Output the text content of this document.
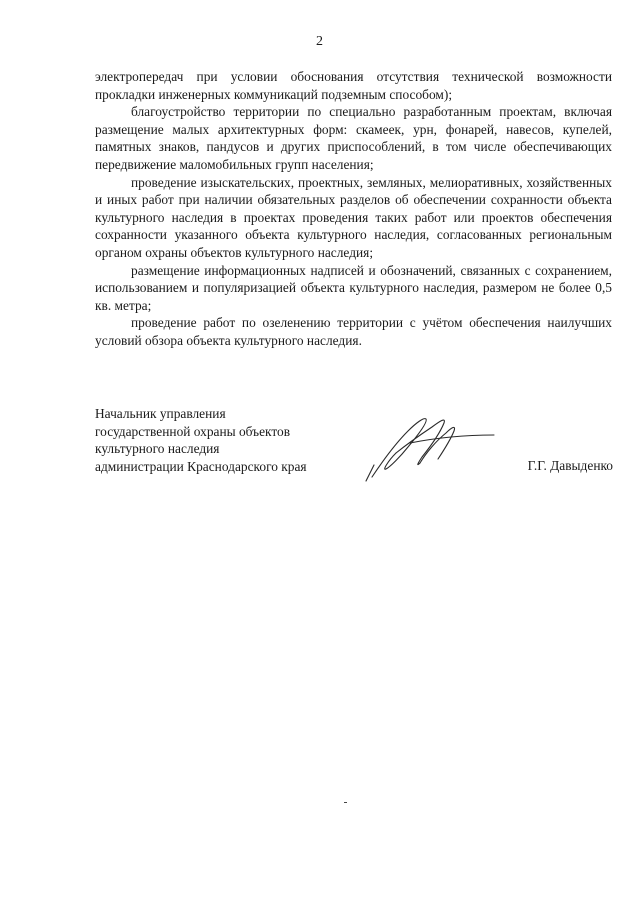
2

электропередач при условии обоснования отсутствия технической возможности прокладки инженерных коммуникаций подземным способом);

благоустройство территории по специально разработанным проектам, включая размещение малых архитектурных форм: скамеек, урн, фонарей, навесов, купелей, памятных знаков, пандусов и других приспособлений, в том числе обеспечивающих передвижение маломобильных групп населения;

проведение изыскательских, проектных, земляных, мелиоративных, хозяйственных и иных работ при наличии обязательных разделов об обеспечении сохранности объекта культурного наследия в проектах проведения таких работ или проектов обеспечения сохранности указанного объекта культурного наследия, согласованных региональным органом охраны объектов культурного наследия;

размещение информационных надписей и обозначений, связанных с сохранением, использованием и популяризацией объекта культурного наследия, размером не более 0,5 кв. метра;

проведение работ по озеленению территории с учётом обеспечения наилучших условий обзора объекта культурного наследия.

Начальник управления
государственной охраны объектов
культурного наследия
администрации Краснодарского края	Г.Г. Давыденко
